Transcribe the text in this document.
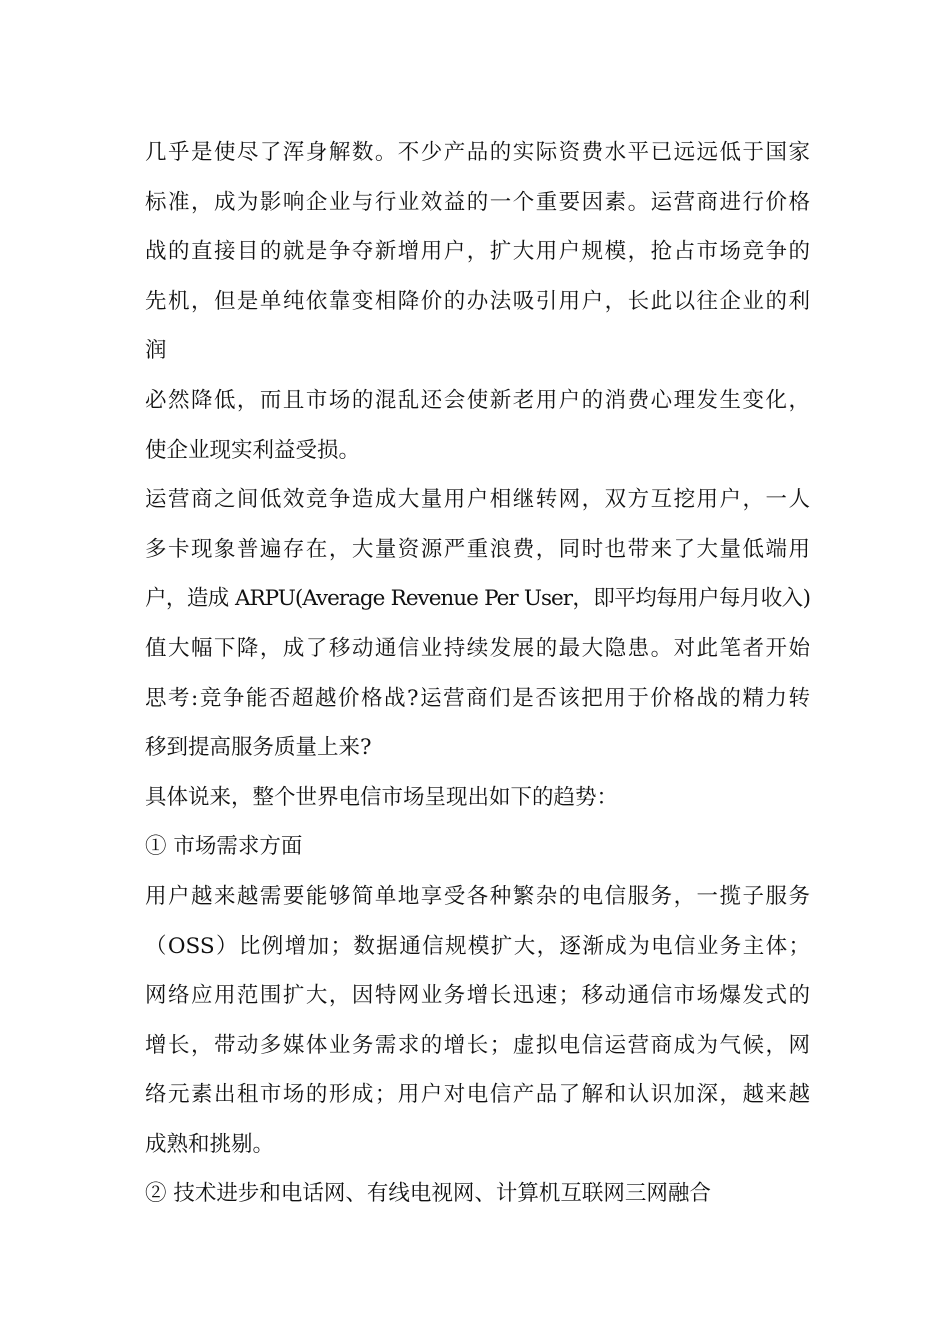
几乎是使尽了浑身解数。不少产品的实际资费水平已远远低于国家
标准，成为影响企业与行业效益的一个重要因素。运营商进行价格
战的直接目的就是争夺新增用户，扩大用户规模，抢占市场竞争的
先机，但是单纯依靠变相降价的办法吸引用户，长此以往企业的利
润
必然降低，而且市场的混乱还会使新老用户的消费心理发生变化，
使企业现实利益受损。
运营商之间低效竞争造成大量用户相继转网，双方互挖用户，一人
多卡现象普遍存在，大量资源严重浪费，同时也带来了大量低端用
户，造成 ARPU(Average Revenue Per User，即平均每用户每月收入)
值大幅下降，成了移动通信业持续发展的最大隐患。对此笔者开始
思考:竞争能否超越价格战?运营商们是否该把用于价格战的精力转
移到提高服务质量上来?
具体说来，整个世界电信市场呈现出如下的趋势：
① 市场需求方面
用户越来越需要能够简单地享受各种繁杂的电信服务，一揽子服务
（OSS）比例增加；数据通信规模扩大，逐渐成为电信业务主体；
网络应用范围扩大，因特网业务增长迅速；移动通信市场爆发式的
增长，带动多媒体业务需求的增长；虚拟电信运营商成为气候，网
络元素出租市场的形成；用户对电信产品了解和认识加深，越来越
成熟和挑剔。
② 技术进步和电话网、有线电视网、计算机互联网三网融合
